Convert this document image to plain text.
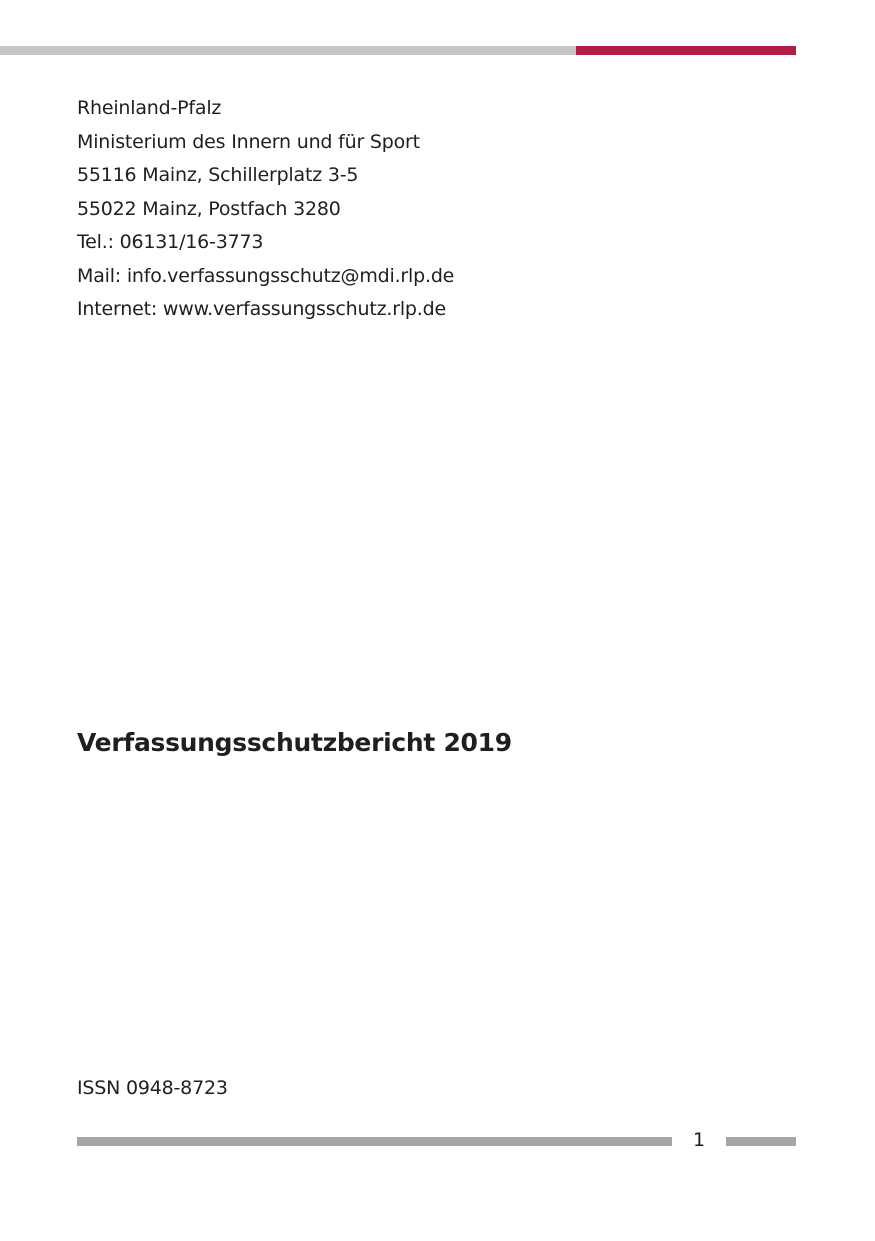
Rheinland-Pfalz
Ministerium des Innern und für Sport
55116 Mainz, Schillerplatz 3-5
55022 Mainz, Postfach 3280
Tel.: 06131/16-3773
Mail: info.verfassungsschutz@mdi.rlp.de
Internet: www.verfassungsschutz.rlp.de
Verfassungsschutzbericht 2019
ISSN 0948-8723
1
